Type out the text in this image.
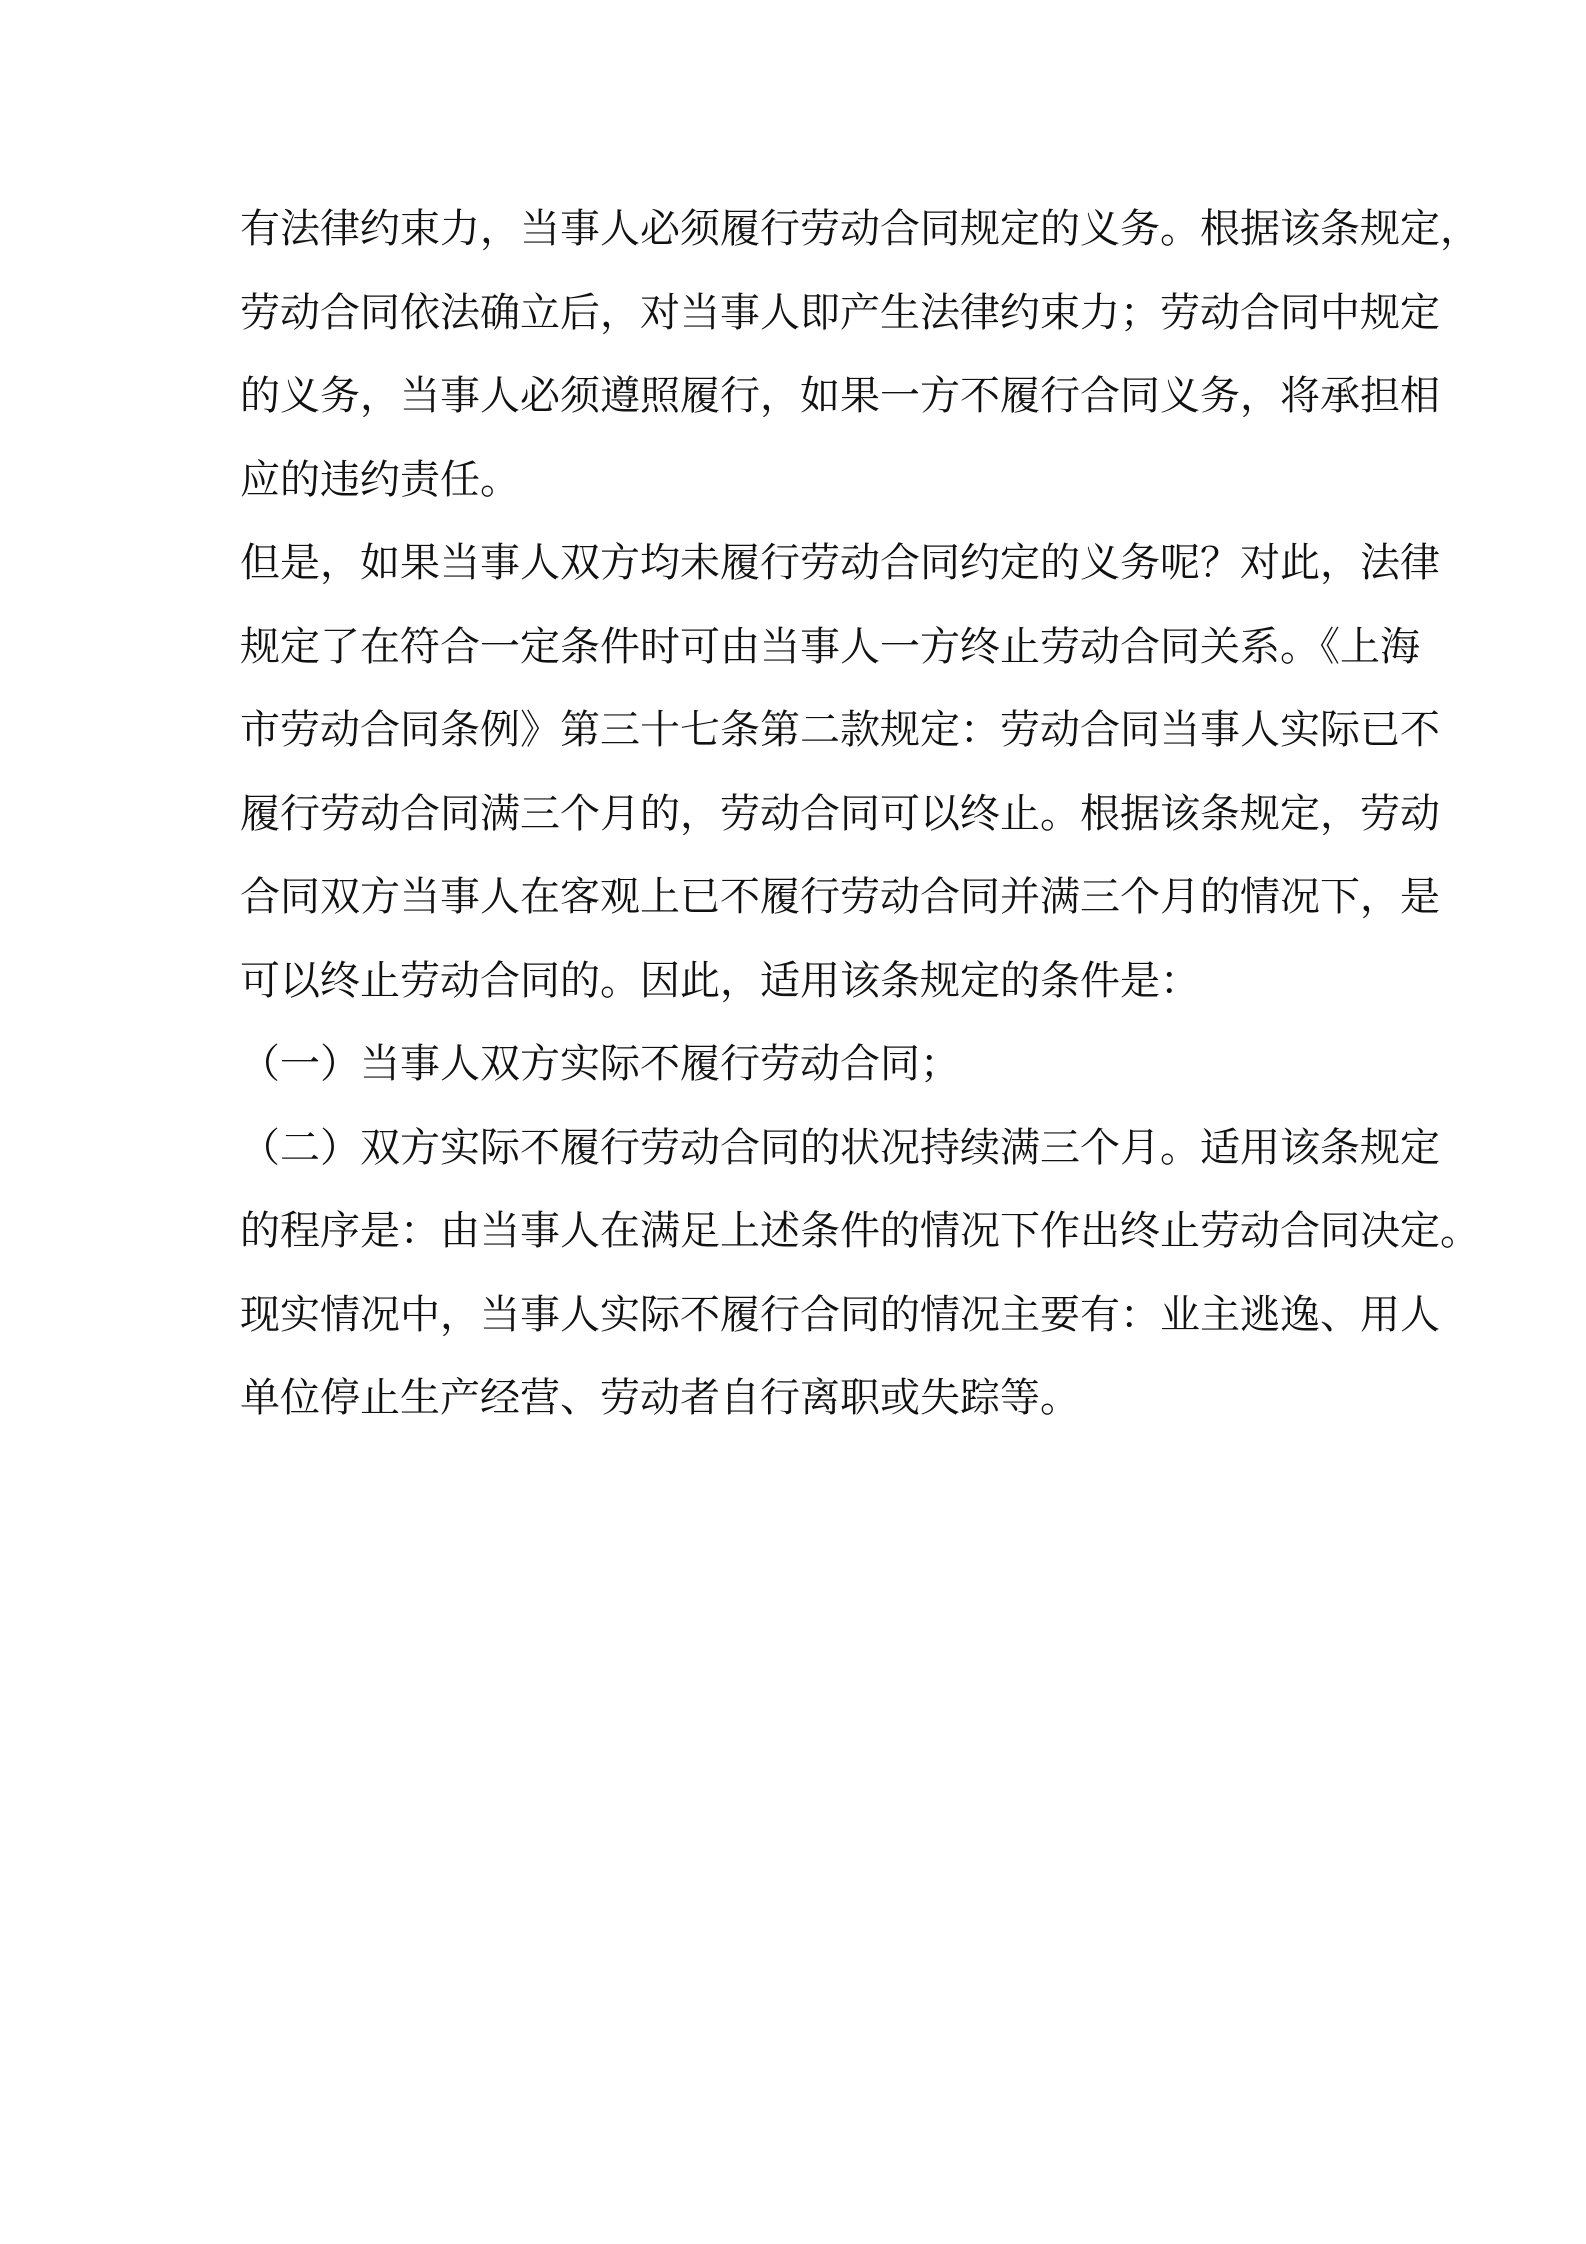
有法律约束力，当事人必须履行劳动合同规定的义务。根据该条规定，
劳动合同依法确立后，对当事人即产生法律约束力；劳动合同中规定
的义务，当事人必须遵照履行，如果一方不履行合同义务，将承担相
应的违约责任。
但是，如果当事人双方均未履行劳动合同约定的义务呢？对此，法律
规定了在符合一定条件时可由当事人一方终止劳动合同关系。《上海
市劳动合同条例》第三十七条第二款规定：劳动合同当事人实际已不
履行劳动合同满三个月的，劳动合同可以终止。根据该条规定，劳动
合同双方当事人在客观上已不履行劳动合同并满三个月的情况下，是
可以终止劳动合同的。因此，适用该条规定的条件是：
（一）当事人双方实际不履行劳动合同；
（二）双方实际不履行劳动合同的状况持续满三个月。适用该条规定
的程序是：由当事人在满足上述条件的情况下作出终止劳动合同决定。
现实情况中，当事人实际不履行合同的情况主要有：业主逃逸、用人
单位停止生产经营、劳动者自行离职或失踪等。
